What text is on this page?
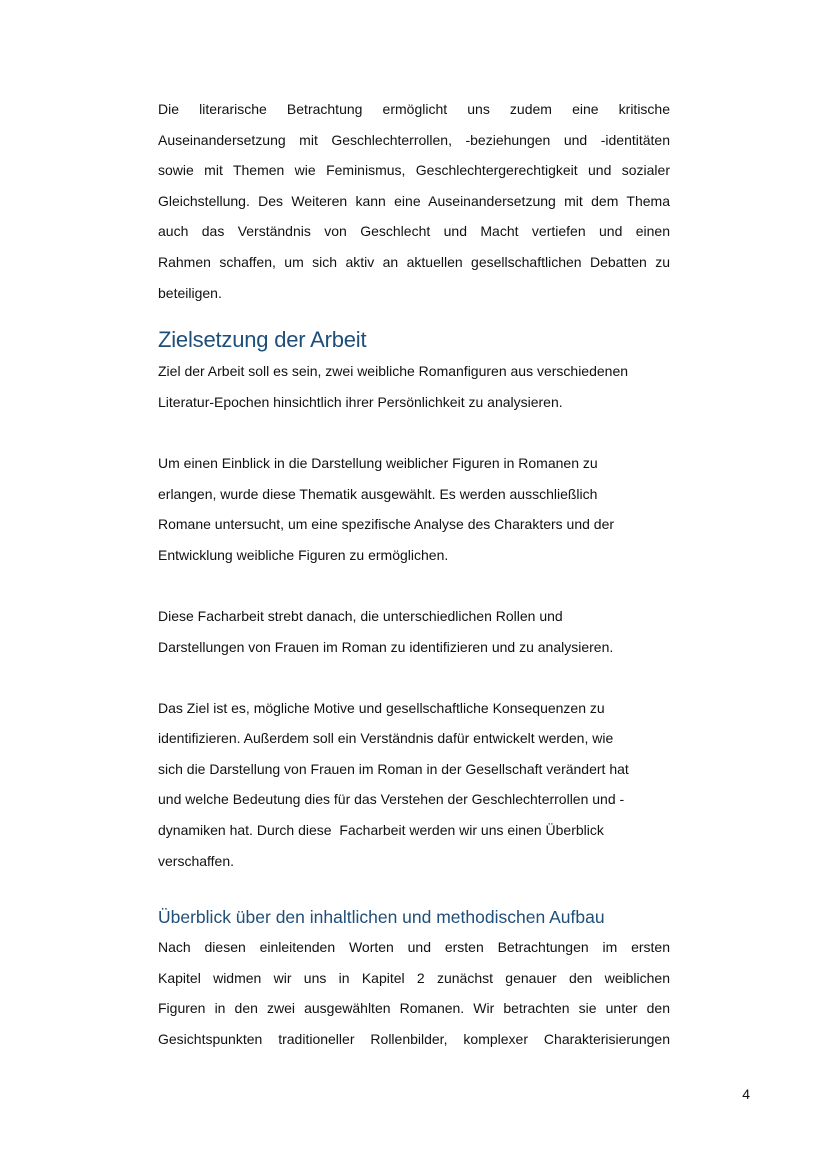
Die literarische Betrachtung ermöglicht uns zudem eine kritische
Auseinandersetzung mit Geschlechterrollen, -beziehungen und -identitäten
sowie mit Themen wie Feminismus, Geschlechtergerechtigkeit und sozialer
Gleichstellung. Des Weiteren kann eine Auseinandersetzung mit dem Thema
auch das Verständnis von Geschlecht und Macht vertiefen und einen
Rahmen schaffen, um sich aktiv an aktuellen gesellschaftlichen Debatten zu
beteiligen.
Zielsetzung der Arbeit
Ziel der Arbeit soll es sein, zwei weibliche Romanfiguren aus verschiedenen
Literatur-Epochen hinsichtlich ihrer Persönlichkeit zu analysieren.
Um einen Einblick in die Darstellung weiblicher Figuren in Romanen zu
erlangen, wurde diese Thematik ausgewählt. Es werden ausschließlich
Romane untersucht, um eine spezifische Analyse des Charakters und der
Entwicklung weibliche Figuren zu ermöglichen.
Diese Facharbeit strebt danach, die unterschiedlichen Rollen und
Darstellungen von Frauen im Roman zu identifizieren und zu analysieren.
Das Ziel ist es, mögliche Motive und gesellschaftliche Konsequenzen zu
identifizieren. Außerdem soll ein Verständnis dafür entwickelt werden, wie
sich die Darstellung von Frauen im Roman in der Gesellschaft verändert hat
und welche Bedeutung dies für das Verstehen der Geschlechterrollen und -
dynamiken hat. Durch diese  Facharbeit werden wir uns einen Überblick
verschaffen.
Überblick über den inhaltlichen und methodischen Aufbau
Nach diesen einleitenden Worten und ersten Betrachtungen im ersten
Kapitel widmen wir uns in Kapitel 2 zunächst genauer den weiblichen
Figuren in den zwei ausgewählten Romanen. Wir betrachten sie unter den
Gesichtspunkten traditioneller Rollenbilder, komplexer Charakterisierungen
4
